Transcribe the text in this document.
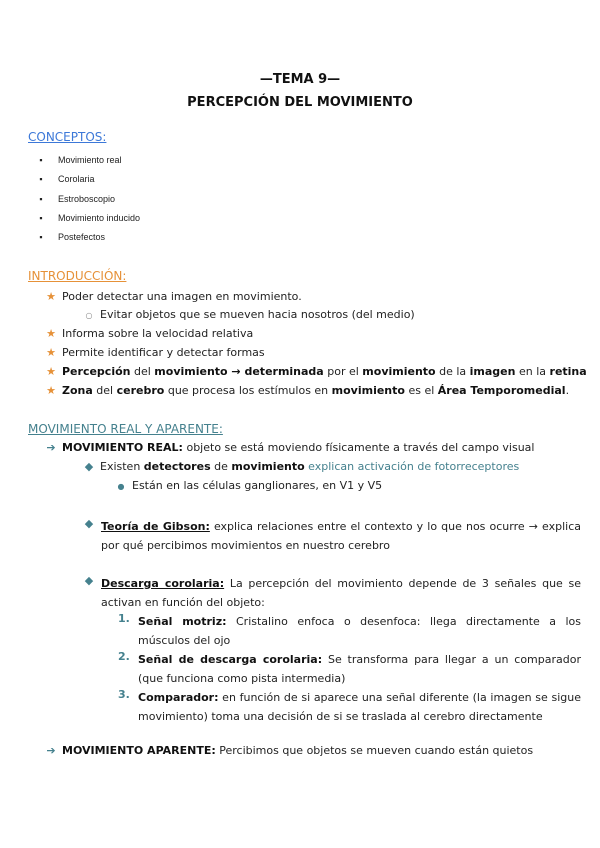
—TEMA 9—
PERCEPCIÓN DEL MOVIMIENTO
CONCEPTOS:
▪ Movimiento real
▪ Corolaria
▪ Estroboscopio
▪ Movimiento inducido
▪ Postefectos
INTRODUCCIÓN:
★ Poder detectar una imagen en movimiento.
○ Evitar objetos que se mueven hacia nosotros (del medio)
★ Informa sobre la velocidad relativa
★ Permite identificar y detectar formas
★ Percepción del movimiento → determinada por el movimiento de la imagen en la retina
★ Zona del cerebro que procesa los estímulos en movimiento es el Área Temporomedial.
MOVIMIENTO REAL Y APARENTE:
➔ MOVIMIENTO REAL: objeto se está moviendo físicamente a través del campo visual
◆ Existen detectores de movimiento explican activación de fotorreceptores
● Están en las células ganglionares, en V1 y V5
◆ Teoría de Gibson: explica relaciones entre el contexto y lo que nos ocurre → explica por qué percibimos movimientos en nuestro cerebro
◆ Descarga corolaria: La percepción del movimiento depende de 3 señales que se activan en función del objeto:
1. Señal motriz: Cristalino enfoca o desenfoca: llega directamente a los músculos del ojo
2. Señal de descarga corolaria: Se transforma para llegar a un comparador (que funciona como pista intermedia)
3. Comparador: en función de si aparece una señal diferente (la imagen se sigue movimiento) toma una decisión de si se traslada al cerebro directamente
➔ MOVIMIENTO APARENTE: Percibimos que objetos se mueven cuando están quietos
